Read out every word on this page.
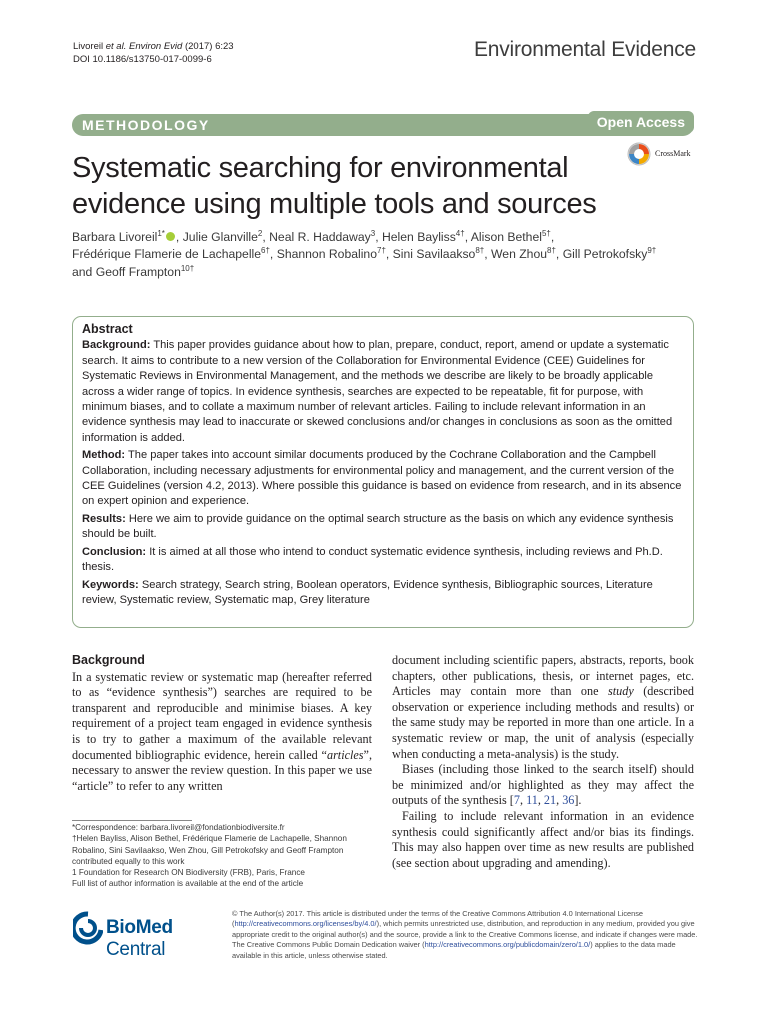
Livoreil et al. Environ Evid (2017) 6:23
DOI 10.1186/s13750-017-0099-6	Environmental Evidence
METHODOLOGY	Open Access
Systematic searching for environmental evidence using multiple tools and sources
CrossMark
Barbara Livoreil$^{1*}$ , Julie Glanville$^2$, Neal R. Haddaway$^3$, Helen Bayliss$^{4\dagger}$, Alison Bethel$^{5\dagger}$,
Frédérique Flamerie de Lachapelle$^{6\dagger}$, Shannon Robalino$^{7\dagger}$, Sini Savilaakso$^{8\dagger}$, Wen Zhou$^{8\dagger}$, Gill Petrokofsky$^{9\dagger}$
and Geoff Frampton$^{10\dagger}$
Abstract

Background: This paper provides guidance about how to plan, prepare, conduct, report, amend or update a systematic search. It aims to contribute to a new version of the Collaboration for Environmental Evidence (CEE) Guidelines for Systematic Reviews in Environmental Management, and the methods we describe are likely to be broadly applicable across a wider range of topics. In evidence synthesis, searches are expected to be repeatable, fit for purpose, with minimum biases, and to collate a maximum number of relevant articles. Failing to include relevant information in an evidence synthesis may lead to inaccurate or skewed conclusions and/or changes in conclusions as soon as the omitted information is added.

Method: The paper takes into account similar documents produced by the Cochrane Collaboration and the Campbell Collaboration, including necessary adjustments for environmental policy and management, and the current version of the CEE Guidelines (version 4.2, 2013). Where possible this guidance is based on evidence from research, and in its absence on expert opinion and experience.

Results: Here we aim to provide guidance on the optimal search structure as the basis on which any evidence synthesis should be built.

Conclusion: It is aimed at all those who intend to conduct systematic evidence synthesis, including reviews and Ph.D. thesis.

Keywords: Search strategy, Search string, Boolean operators, Evidence synthesis, Bibliographic sources, Literature review, Systematic review, Systematic map, Grey literature

Background

In a systematic review or systematic map (hereafter referred to as “evidence synthesis”) searches are required to be transparent and reproducible and minimise biases. A key requirement of a project team engaged in evidence synthesis is to try to gather a maximum of the available relevant documented bibliographic evidence, herein called “articles”, necessary to answer the review question. In this paper we use “article” to refer to any written

document including scientific papers, abstracts, reports, book chapters, other publications, thesis, or internet pages, etc. Articles may contain more than one study (described observation or experience including methods and results) or the same study may be reported in more than one article. In a systematic review or map, the unit of analysis (especially when conducting a meta-analysis) is the study.

Biases (including those linked to the search itself) should be minimized and/or highlighted as they may affect the outputs of the synthesis [7, 11, 21, 36].

Failing to include relevant information in an evidence synthesis could significantly affect and/or bias its findings. This may also happen over time as new results are published (see section about upgrading and amending).

*Correspondence: barbara.livoreil@fondationbiodiversite.fr

†Helen Bayliss, Alison Bethel, Frédérique Flamerie de Lachapelle, Shannon Robalino, Sini Savilaakso, Wen Zhou, Gill Petrokofsky and Geoff Frampton contributed equally to this work

1 Foundation for Research ON Biodiversity (FRB), Paris, France

Full list of author information is available at the end of the article

BioMed Central
© The Author(s) 2017. This article is distributed under the terms of the Creative Commons Attribution 4.0 International License (http://creativecommons.org/licenses/by/4.0/), which permits unrestricted use, distribution, and reproduction in any medium, provided you give appropriate credit to the original author(s) and the source, provide a link to the Creative Commons license, and indicate if changes were made. The Creative Commons Public Domain Dedication waiver (http://creativecommons.org/publicdomain/zero/1.0/) applies to the data made available in this article, unless otherwise stated.
